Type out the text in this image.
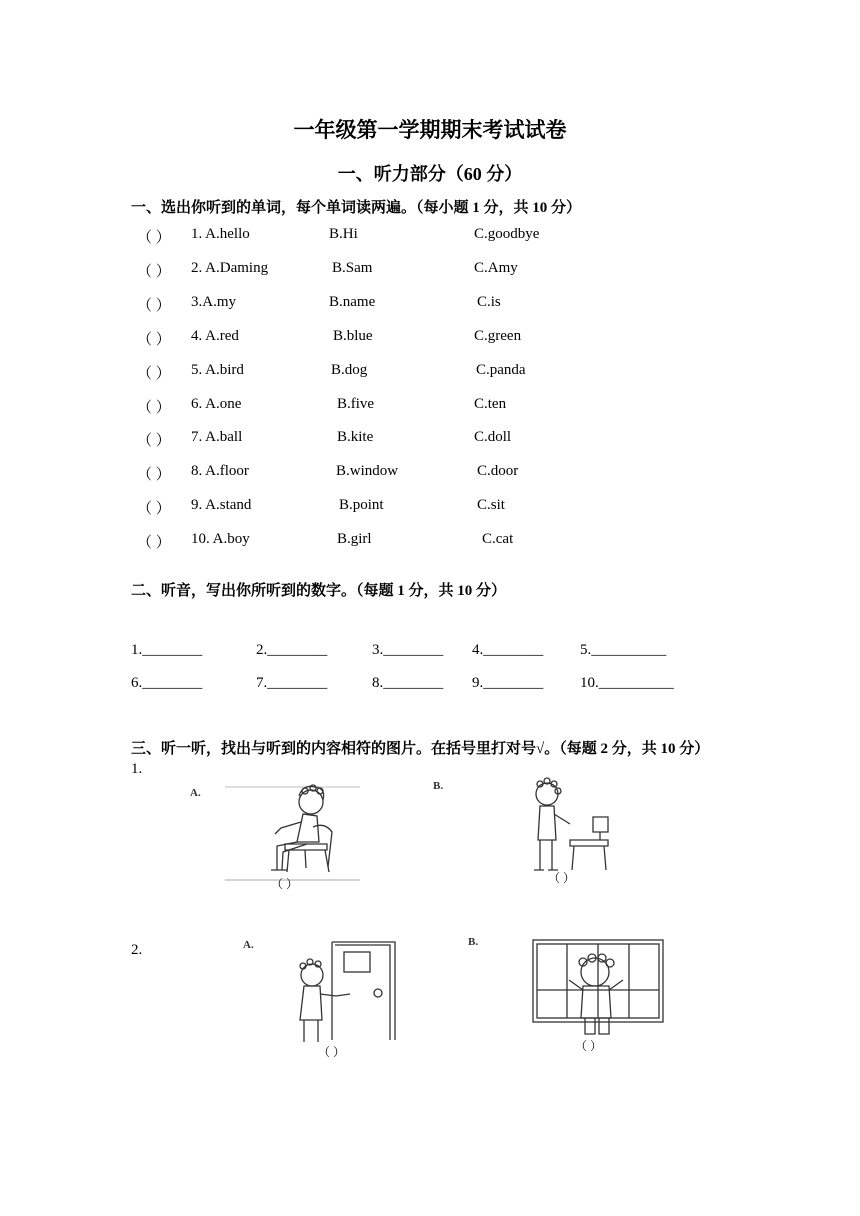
一年级第一学期期末考试试卷
一、听力部分（60 分）
一、选出你听到的单词，每个单词读两遍。（每小题 1 分，共 10 分）
（ ） 1. A.hello	B.Hi	C.goodbye
（ ） 2. A.Daming	B.Sam	C.Amy
（ ） 3.A.my	B.name	C.is
（ ） 4. A.red	B.blue	C.green
（ ） 5. A.bird	B.dog	C.panda
（ ） 6. A.one	B.five	C.ten
（ ） 7. A.ball	B.kite	C.doll
（ ） 8. A.floor	B.window	C.door
（ ） 9. A.stand	B.point	C.sit
（ ） 10. A.boy	B.girl	C.cat
二、听音，写出你所听到的数字。（每题 1 分，共 10 分）
1.________	2.________	3.________ 4.________ 5.__________
6.________	7.________	8.________ 9.________ 10.__________
三、听一听，找出与听到的内容相符的图片。在括号里打对号√。（每题 2 分，共 10 分）
1.
2.
A.
（ ）
B.
（ ）
A.
（ ）
B.
（ ）
